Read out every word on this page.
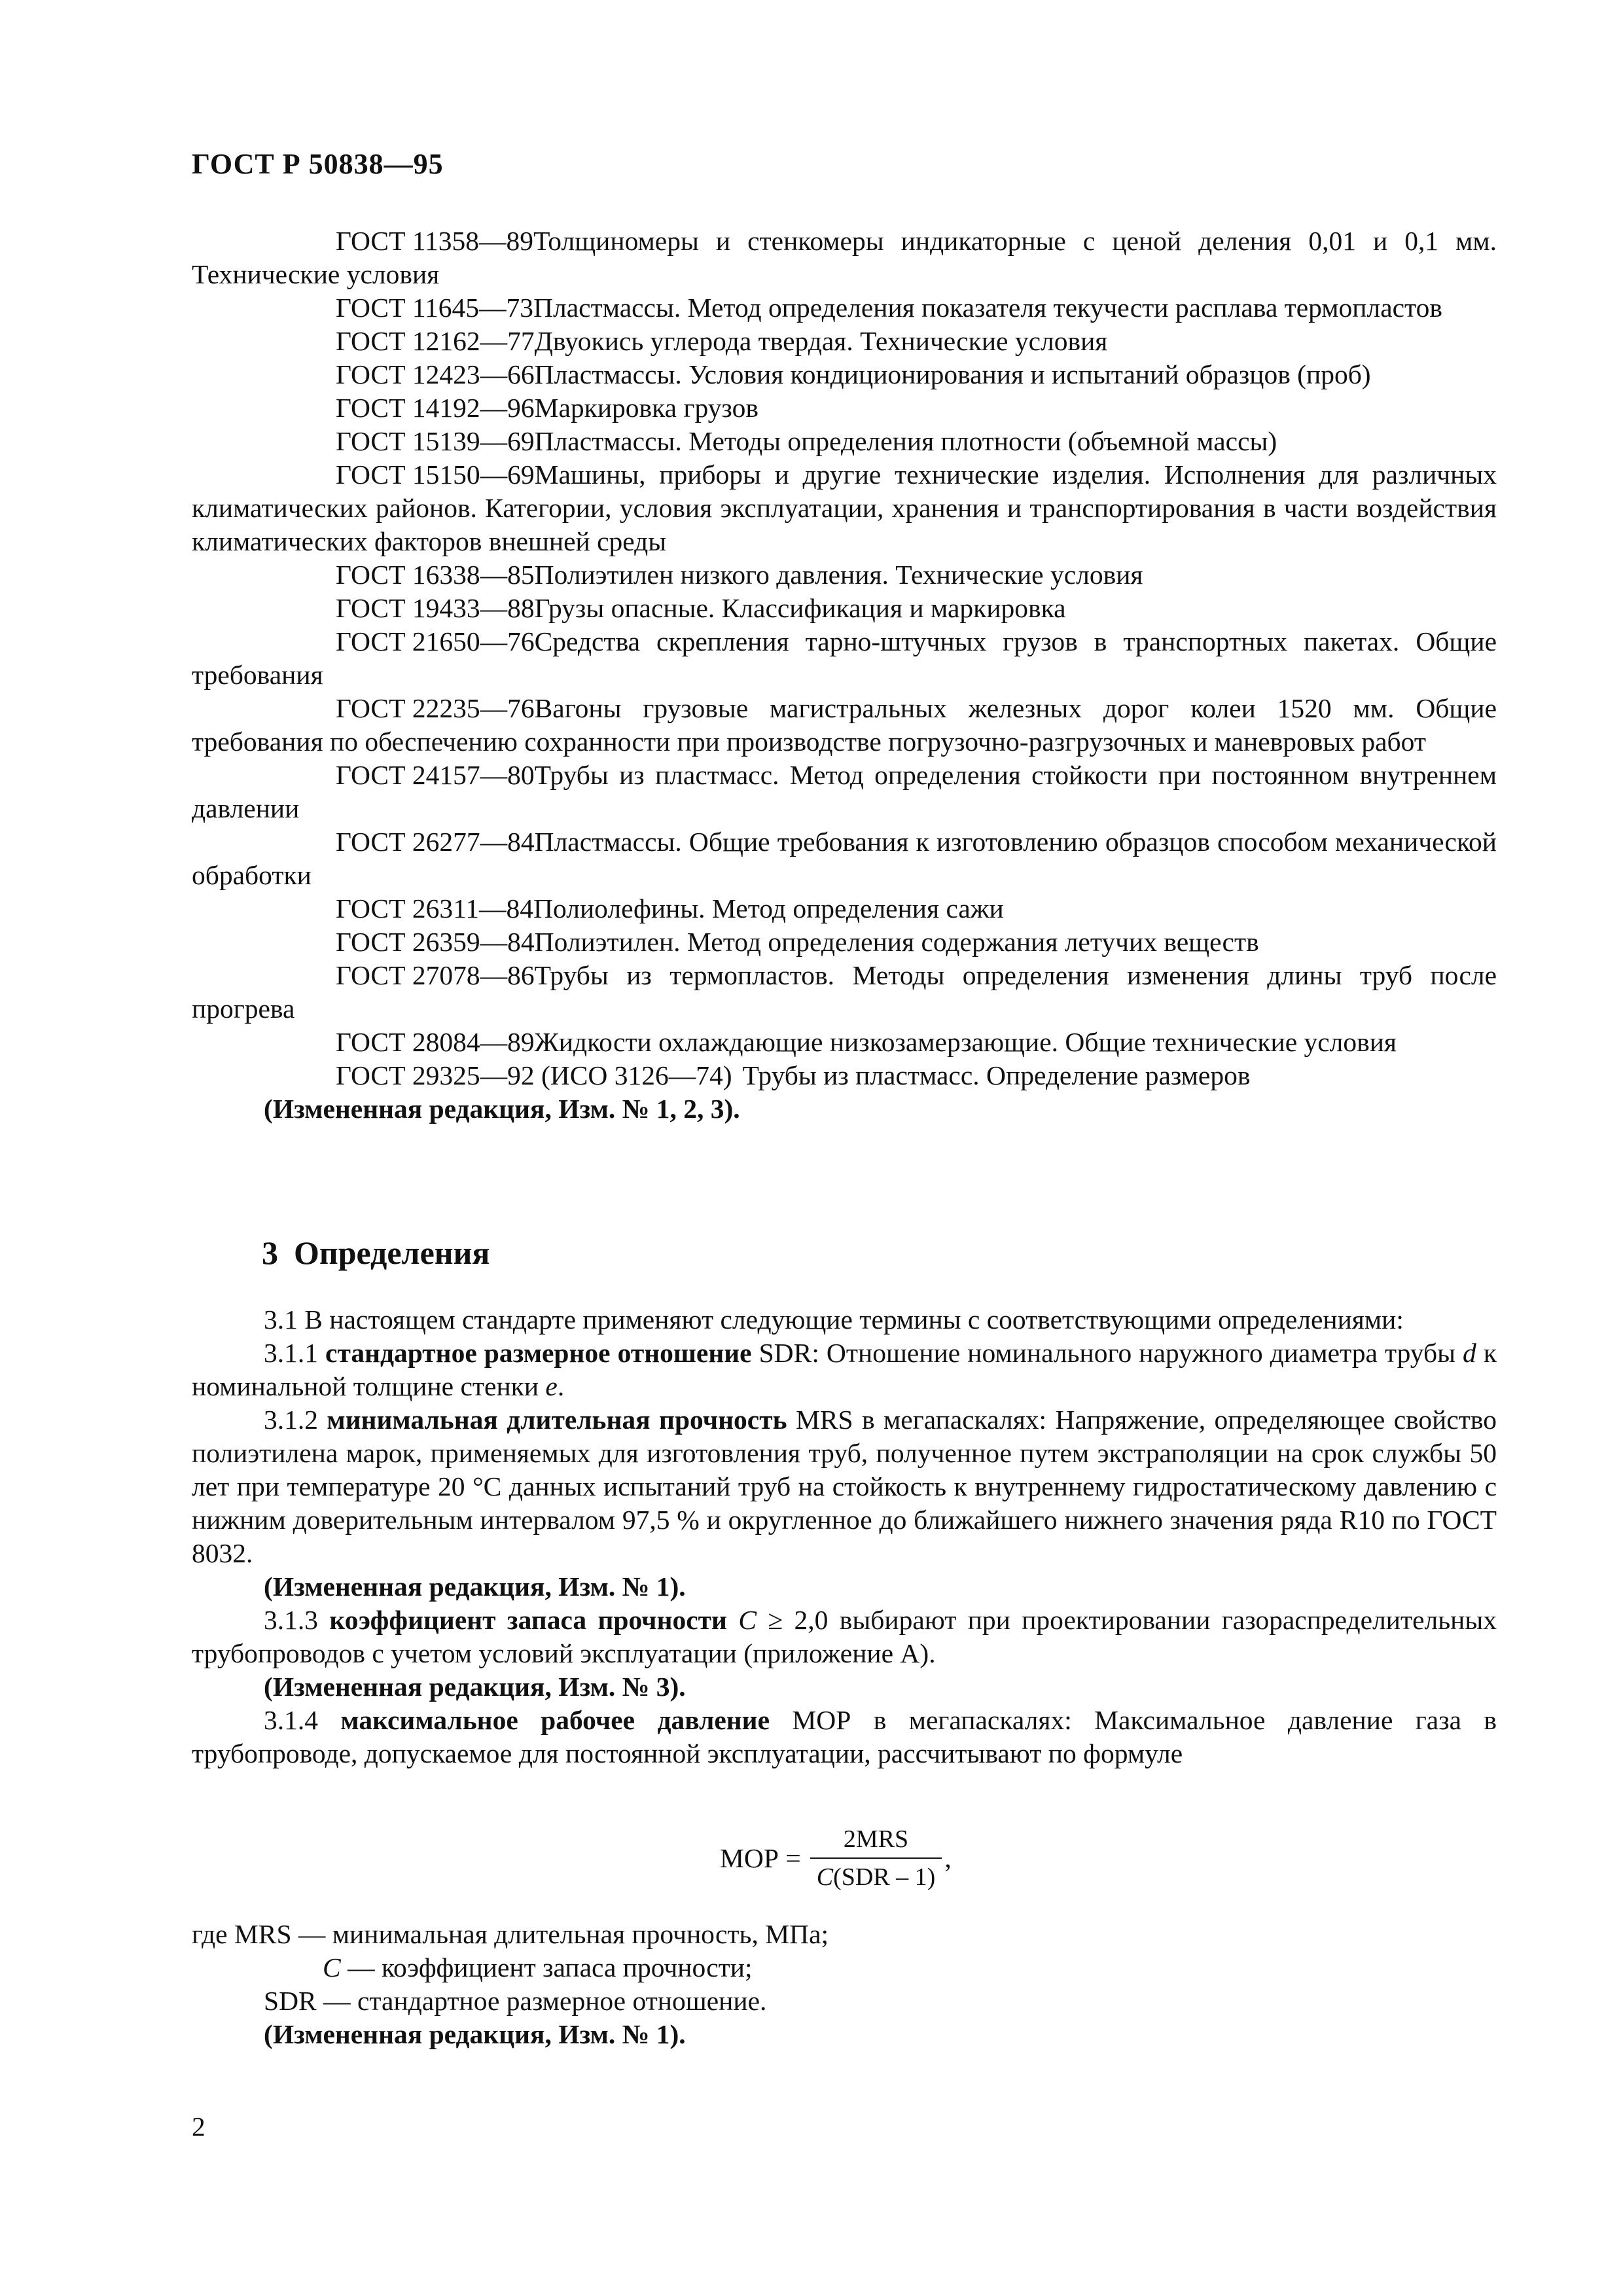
ГОСТ Р 50838—95
ГОСТ 11358—89Толщиномеры и стенкомеры индикаторные с ценой деления 0,01 и 0,1 мм. Технические условия
ГОСТ 11645—73Пластмассы. Метод определения показателя текучести расплава термопластов
ГОСТ 12162—77Двуокись углерода твердая. Технические условия
ГОСТ 12423—66Пластмассы. Условия кондиционирования и испытаний образцов (проб)
ГОСТ 14192—96Маркировка грузов
ГОСТ 15139—69Пластмассы. Методы определения плотности (объемной массы)
ГОСТ 15150—69Машины, приборы и другие технические изделия. Исполнения для различных климатических районов. Категории, условия эксплуатации, хранения и транспортирования в части воздействия климатических факторов внешней среды
ГОСТ 16338—85Полиэтилен низкого давления. Технические условия
ГОСТ 19433—88Грузы опасные. Классификация и маркировка
ГОСТ 21650—76Средства скрепления тарно-штучных грузов в транспортных пакетах. Общие требования
ГОСТ 22235—76Вагоны грузовые магистральных железных дорог колеи 1520 мм. Общие требования по обеспечению сохранности при производстве погрузочно-разгрузочных и маневровых работ
ГОСТ 24157—80Трубы из пластмасс. Метод определения стойкости при постоянном внутреннем давлении
ГОСТ 26277—84Пластмассы. Общие требования к изготовлению образцов способом механической обработки
ГОСТ 26311—84Полиолефины. Метод определения сажи
ГОСТ 26359—84Полиэтилен. Метод определения содержания летучих веществ
ГОСТ 27078—86Трубы из термопластов. Методы определения изменения длины труб после прогрева
ГОСТ 28084—89Жидкости охлаждающие низкозамерзающие. Общие технические условия
ГОСТ 29325—92 (ИСО 3126—74) Трубы из пластмасс. Определение размеров
(Измененная редакция, Изм. № 1, 2, 3).
3 Определения

3.1 В настоящем стандарте применяют следующие термины с соответствующими определениями:

3.1.1 стандартное размерное отношение SDR: Отношение номинального наружного диаметра трубы d к номинальной толщине стенки e.

3.1.2 минимальная длительная прочность MRS в мегапаскалях: Напряжение, определяющее свойство полиэтилена марок, применяемых для изготовления труб, полученное путем экстраполяции на срок службы 50 лет при температуре 20 °С данных испытаний труб на стойкость к внутреннему гидростатическому давлению с нижним доверительным интервалом 97,5 % и округленное до ближайшего нижнего значения ряда R10 по ГОСТ 8032.

(Измененная редакция, Изм. № 1).

3.1.3 коэффициент запаса прочности С ≥ 2,0 выбирают при проектировании газораспределительных трубопроводов с учетом условий эксплуатации (приложение А).

(Измененная редакция, Изм. № 3).

3.1.4 максимальное рабочее давление МОР в мегапаскалях: Максимальное давление газа в трубопроводе, допускаемое для постоянной эксплуатации, рассчитывают по формуле

МОР = $\frac{\text{2MRS}}{\text{C(SDR – 1)}}$ ,

где MRS — минимальная длительная прочность, МПа;

С — коэффициент запаса прочности;

SDR — стандартное размерное отношение.

(Измененная редакция, Изм. № 1).

2
